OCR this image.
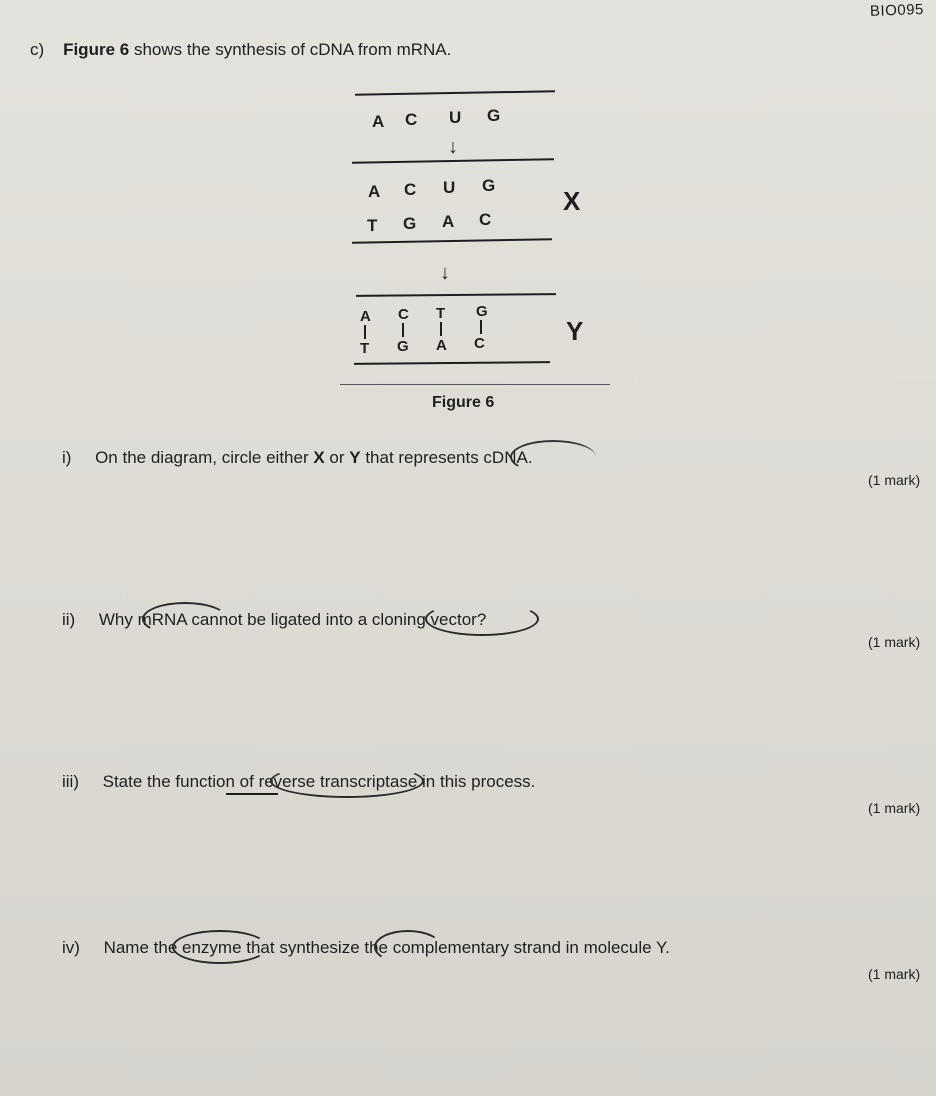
BIO095
c) Figure 6 shows the synthesis of cDNA from mRNA.
A C U G
↓
A C U G
X
T G A C
↓
A C T G
T G A C	Y
Figure 6
i) On the diagram, circle either X or Y that represents cDNA.
(1 mark)
ii) Why mRNA cannot be ligated into a cloning vector?
(1 mark)
iii) State the function of reverse transcriptase in this process.
(1 mark)
iv) Name the enzyme that synthesize the complementary strand in molecule Y.
(1 mark)
